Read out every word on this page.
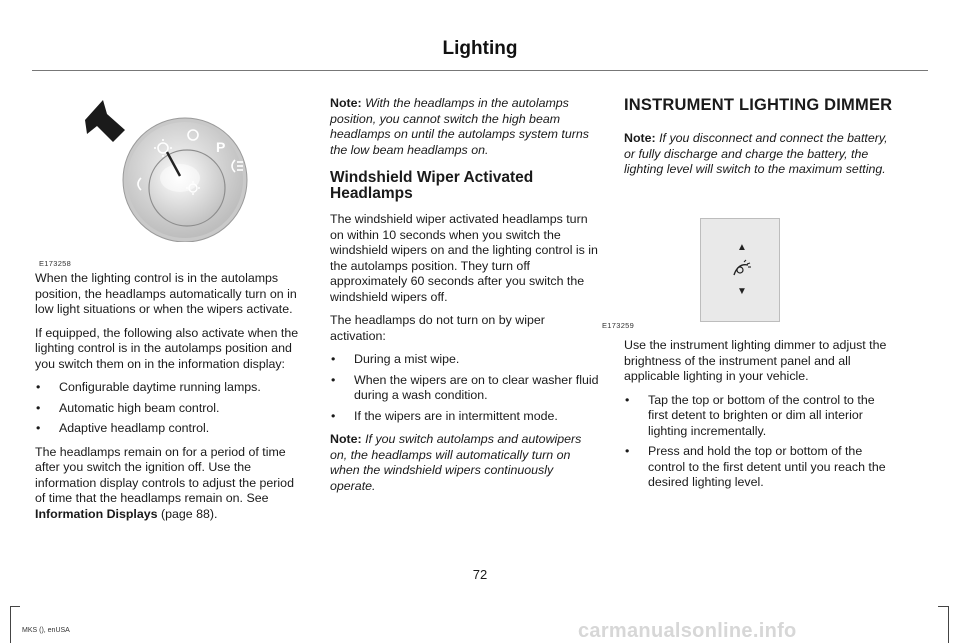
Lighting
P
E173258

When the lighting control is in the autolamps position, the headlamps automatically turn on in low light situations or when the wipers activate.

If equipped, the following also activate when the lighting control is in the autolamps position and you switch them on in the information display:

• Configurable daytime running lamps.
• Automatic high beam control.
• Adaptive headlamp control.

The headlamps remain on for a period of time after you switch the ignition off. Use the information display controls to adjust the period of time that the headlamps remain on. See Information Displays (page 88).

Note: With the headlamps in the autolamps position, you cannot switch the high beam headlamps on until the autolamps system turns the low beam headlamps on.

Windshield Wiper Activated Headlamps

The windshield wiper activated headlamps turn on within 10 seconds when you switch the windshield wipers on and the lighting control is in the autolamps position. They turn off approximately 60 seconds after you switch the windshield wipers off.

The headlamps do not turn on by wiper activation:

• During a mist wipe.
• When the wipers are on to clear washer fluid during a wash condition.
• If the wipers are in intermittent mode.

Note: If you switch autolamps and autowipers on, the headlamps will automatically turn on when the windshield wipers continuously operate.

INSTRUMENT LIGHTING DIMMER

Note: If you disconnect and connect the battery, or fully discharge and charge the battery, the lighting level will switch to the maximum setting.

E173259

Use the instrument lighting dimmer to adjust the brightness of the instrument panel and all applicable lighting in your vehicle.

• Tap the top or bottom of the control to the first detent to brighten or dim all interior lighting incrementally.
• Press and hold the top or bottom of the control to the first detent until you reach the desired lighting level.
▲
▼
72
MKS (), enUSA	carmanualsonline.info
